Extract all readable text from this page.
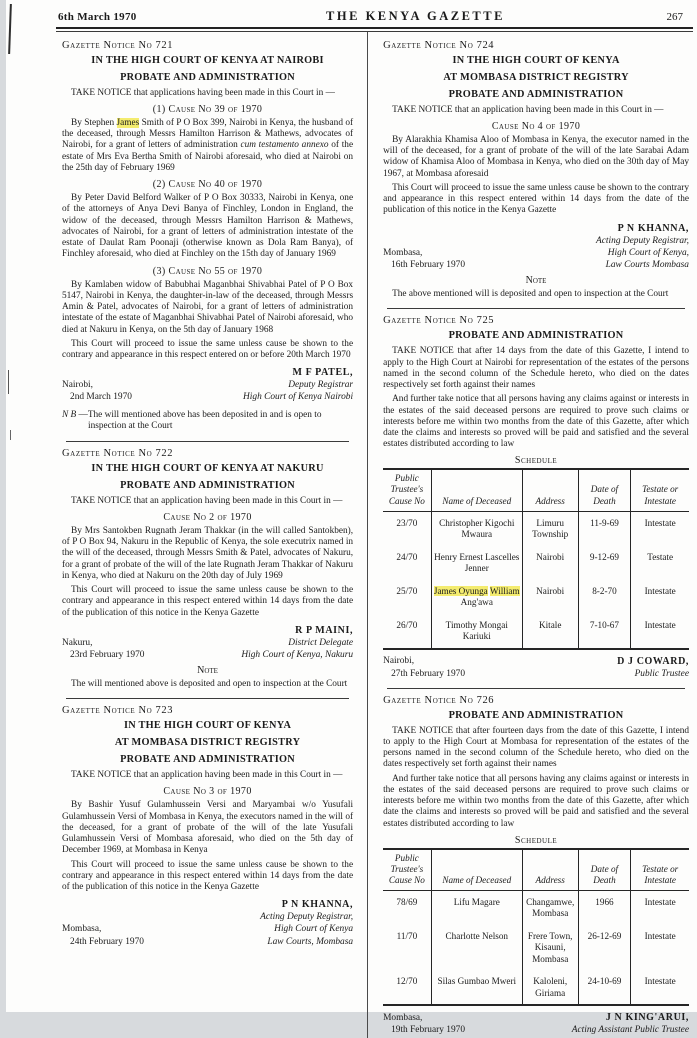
6th March 1970	THE KENYA GAZETTE	267
Gazette Notice No 721
IN THE HIGH COURT OF KENYA AT NAIROBI
PROBATE AND ADMINISTRATION

TAKE NOTICE that applications having been made in this Court in —

(1) Cause No 39 of 1970

By Stephen James Smith of P O Box 399, Nairobi in Kenya, the husband of the deceased, through Messrs Hamilton Harrison & Mathews, advocates of Nairobi, for a grant of letters of administration cum testamento annexo of the estate of Mrs Eva Bertha Smith of Nairobi aforesaid, who died at Nairobi on the 25th day of February 1969

(2) Cause No 40 of 1970

By Peter David Belford Walker of P O Box 30333, Nairobi in Kenya, one of the attorneys of Anya Devi Banya of Finchley, London in England, the widow of the deceased, through Messrs Hamilton Harrison & Mathews, advocates of Nairobi, for a grant of letters of administration intestate of the estate of Daulat Ram Poonaji (otherwise known as Dola Ram Banya), of Finchley aforesaid, who died at Finchley on the 15th day of January 1969

(3) Cause No 55 of 1970

By Kamlaben widow of Babubhai Maganbhai Shivabhai Patel of P O Box 5147, Nairobi in Kenya, the daughter-in-law of the deceased, through Messrs Amin & Patel, advocates of Nairobi, for a grant of letters of administration intestate of the estate of Maganbhai Shivabhai Patel of Nairobi aforesaid, who died at Nakuru in Kenya, on the 5th day of January 1968

This Court will proceed to issue the same unless cause be shown to the contrary and appearance in this respect entered on or before 20th March 1970

Nairobi,
2nd March 1970
M F PATEL,
Deputy Registrar
High Court of Kenya Nairobi

N B —The will mentioned above has been deposited in and is open to inspection at the Court

Gazette Notice No 722
IN THE HIGH COURT OF KENYA AT NAKURU
PROBATE AND ADMINISTRATION

TAKE NOTICE that an application having been made in this Court in —

Cause No 2 of 1970

By Mrs Santokben Rugnath Jeram Thakkar (in the will called Santokben), of P O Box 94, Nakuru in the Republic of Kenya, the sole executrix named in the will of the deceased, through Messrs Smith & Patel, advocates of Nakuru, for a grant of probate of the will of the late Rugnath Jeram Thakkar of Nakuru in Kenya, who died at Nakuru on the 20th day of July 1969

This Court will proceed to issue the same unless cause be shown to the contrary and appearance in this respect entered within 14 days from the date of the publication of this notice in the Kenya Gazette

Nakuru,
23rd February 1970
R P MAINI,
District Delegate
High Court of Kenya, Nakuru
Note

The will mentioned above is deposited and open to inspection at the Court

Gazette Notice No 723
IN THE HIGH COURT OF KENYA
AT MOMBASA DISTRICT REGISTRY
PROBATE AND ADMINISTRATION

TAKE NOTICE that an application having been made in this Court in —

Cause No 3 of 1970

By Bashir Yusuf Gulamhussein Versi and Maryambai w/o Yusufali Gulamhussein Versi of Mombasa in Kenya, the executors named in the will of the deceased, for a grant of probate of the will of the late Yusufali Gulamhussein Versi of Mombasa aforesaid, who died on the 5th day of December 1969, at Mombasa in Kenya

This Court will proceed to issue the same unless cause be shown to the contrary and appearance in this respect entered within 14 days from the date of the publication of this notice in the Kenya Gazette

Mombasa,
24th February 1970
P N KHANNA,
Acting Deputy Registrar,
High Court of Kenya
Law Courts, Mombasa
Gazette Notice No 724
IN THE HIGH COURT OF KENYA
AT MOMBASA DISTRICT REGISTRY
PROBATE AND ADMINISTRATION

TAKE NOTICE that an application having been made in this Court in —

Cause No 4 of 1970

By Alarakhia Khamisa Aloo of Mombasa in Kenya, the executor named in the will of the deceased, for a grant of probate of the will of the late Sarabai Adam widow of Khamisa Aloo of Mombasa in Kenya, who died on the 30th day of May 1967, at Mombasa aforesaid

This Court will proceed to issue the same unless cause be shown to the contrary and appearance in this respect entered within 14 days from the date of the publication of this notice in the Kenya Gazette

Mombasa,
16th February 1970
P N KHANNA,
Acting Deputy Registrar,
High Court of Kenya,
Law Courts Mombasa
Note

The above mentioned will is deposited and open to inspection at the Court

Gazette Notice No 725
PROBATE AND ADMINISTRATION

TAKE NOTICE that after 14 days from the date of this Gazette, I intend to apply to the High Court at Nairobi for representation of the estates of the persons named in the second column of the Schedule hereto, who died on the dates respectively set forth against their names

And further take notice that all persons having any claims against or interests in the estates of the said deceased persons are required to prove such claims or interests before me within two months from the date of this Gazette, after which date the claims and interests so proved will be paid and satisfied and the several estates distributed according to law

Schedule
Public Trustee's Cause No	Name of Deceased	Address	Date of Death	Testate or Intestate
23/70	Christopher Kigochi Mwaura	Limuru Township	11-9-69	Intestate
24/70	Henry Ernest Lascelles Jenner	Nairobi	9-12-69	Testate
25/70	James Oyunga William Ang'awa	Nairobi	8-2-70	Intestate
26/70	Timothy Mongai Kariuki	Kitale	7-10-67	Intestate
Nairobi,
27th February 1970
D J COWARD,
Public Trustee
Gazette Notice No 726
PROBATE AND ADMINISTRATION

TAKE NOTICE that after fourteen days from the date of this Gazette, I intend to apply to the High Court at Mombasa for representation of the estates of the persons named in the second column of the Schedule hereto, who died on the dates respectively set forth against their names

And further take notice that all persons having any claims against or interests in the estates of the said deceased persons are required to prove such claims or interests before me within two months from the date of this Gazette, after which date the claims and interests so proved will be paid and satisfied and the several estates distributed according to law

Schedule
Public Trustee's Cause No	Name of Deceased	Address	Date of Death	Testate or Intestate
78/69	Lifu Magare	Changamwe, Mombasa	1966	Intestate
11/70	Charlotte Nelson	Frere Town, Kisauni, Mombasa	26-12-69	Intestate
12/70	Silas Gumbao Mweri	Kaloleni, Giriama	24-10-69	Intestate
Mombasa,
19th February 1970
J N KING'ARUI,
Acting Assistant Public Trustee
